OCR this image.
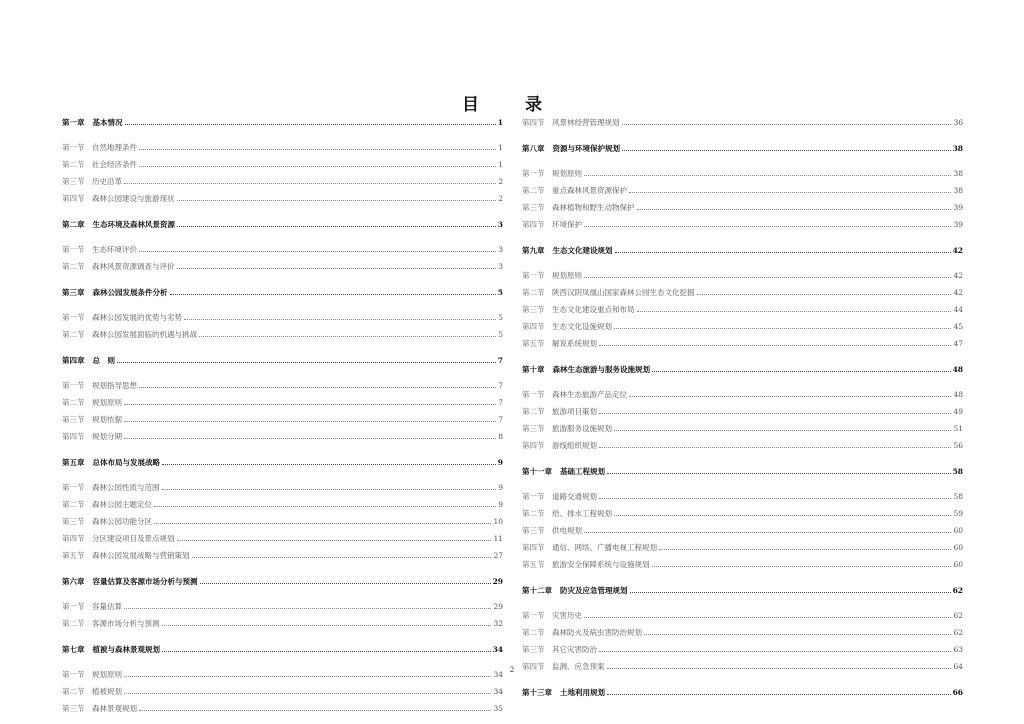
目 录
第一章 基本情况	1
第一节 自然地理条件	1
第二节 社会经济条件	1
第三节 历史沿革	2
第四节 森林公园建设与旅游现状	2
第二章 生态环境及森林风景资源	3
第一节 生态环境评价	3
第二节 森林风景资源调查与评价	3
第三章 森林公园发展条件分析	5
第一节 森林公园发展的优势与劣势	5
第二节 森林公园发展面临的机遇与挑战	5
第四章 总　则	7
第一节 规划指导思想	7
第二节 规划原则	7
第三节 规划依据	7
第四节 规划分期	8
第五章 总体布局与发展战略	9
第一节 森林公园性质与范围	9
第二节 森林公园主题定位	9
第三节 森林公园功能分区	10
第四节 分区建设项目及景点规划	11
第五节 森林公园发展战略与营销策划	27
第六章 容量估算及客源市场分析与预测	29
第一节 容量估算	29
第二节 客源市场分析与预测	32
第七章 植被与森林景观规划	34
第一节 规划原则	34
第二节 植被规划	34
第三节 森林景观规划	35
第四节 风景林经营管理规划	36
第八章 资源与环境保护规划	38
第一节 规划原则	38
第二节 重点森林风景资源保护	38
第三节 森林植物和野生动物保护	39
第四节 环境保护	39
第九章 生态文化建设规划	42
第一节 规划原则	42
第二节 陕西汉阴凤凰山国家森林公园生态文化挖掘	42
第三节 生态文化建设重点和布局	44
第四节 生态文化设施规划	45
第五节 解说系统规划	47
第十章 森林生态旅游与服务设施规划	48
第一节 森林生态旅游产品定位	48
第二节 旅游项目策划	49
第三节 旅游服务设施规划	51
第四节 游线组织规划	56
第十一章 基础工程规划	58
第一节 道路交通规划	58
第二节 给、排水工程规划	59
第三节 供电规划	60
第四节 通信、网络、广播电视工程规划	60
第五节 旅游安全保障系统与设施规划	60
第十二章 防灾及应急管理规划	62
第一节 灾害历史	62
第二节 森林防火及病虫害防治规划	62
第三节 其它灾害防治	63
第四节 监测、应急预案	64
第十三章 土地利用规划	66
2
